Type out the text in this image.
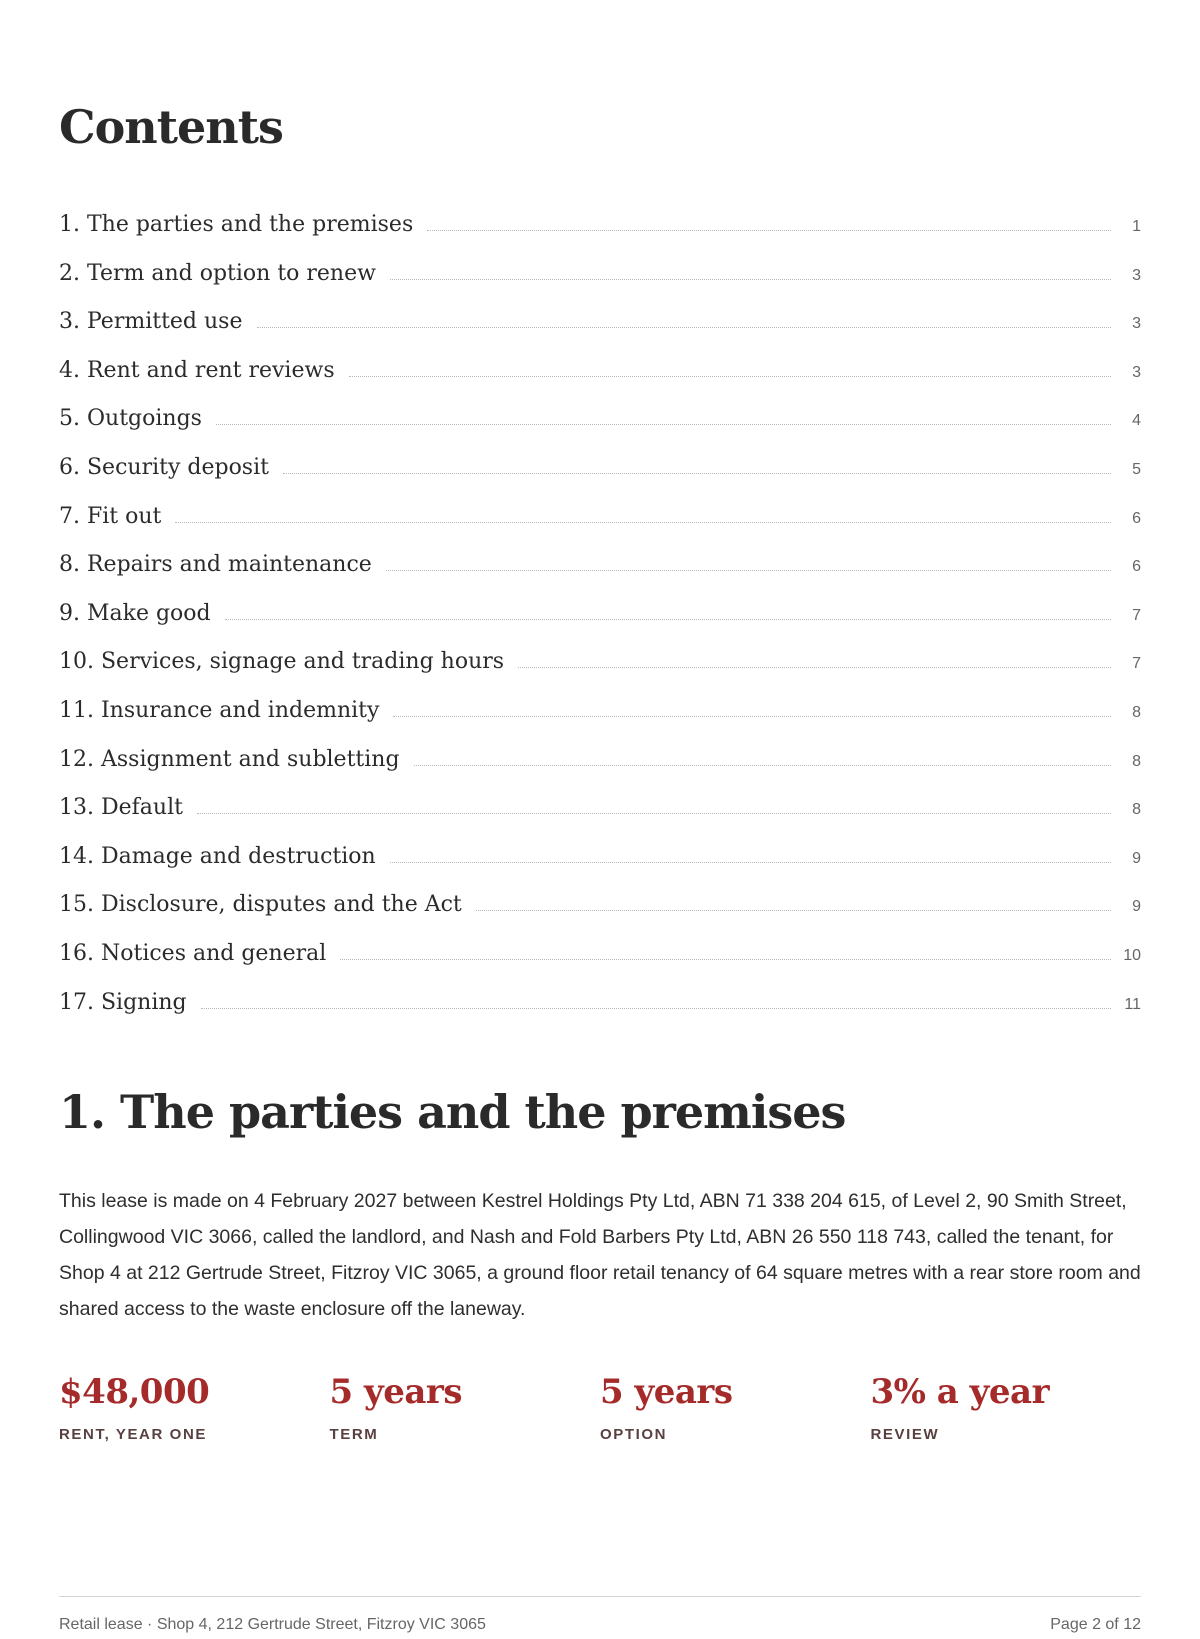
Contents
1. The parties and the premises	1
2. Term and option to renew	3
3. Permitted use	3
4. Rent and rent reviews	3
5. Outgoings	4
6. Security deposit	5
7. Fit out	6
8. Repairs and maintenance	6
9. Make good	7
10. Services, signage and trading hours	7
11. Insurance and indemnity	8
12. Assignment and subletting	8
13. Default	8
14. Damage and destruction	9
15. Disclosure, disputes and the Act	9
16. Notices and general	10
17. Signing	11
1. The parties and the premises

This lease is made on 4 February 2027 between Kestrel Holdings Pty Ltd, ABN 71 338 204 615, of Level 2, 90 Smith Street, Collingwood VIC 3066, called the landlord, and Nash and Fold Barbers Pty Ltd, ABN 26 550 118 743, called the tenant, for Shop 4 at 212 Gertrude Street, Fitzroy VIC 3065, a ground floor retail tenancy of 64 square metres with a rear store room and shared access to the waste enclosure off the laneway.

$48,000
RENT, YEAR ONE
5 years
TERM
5 years
OPTION
3% a year
REVIEW
Retail lease · Shop 4, 212 Gertrude Street, Fitzroy VIC 3065	Page 2 of 12
